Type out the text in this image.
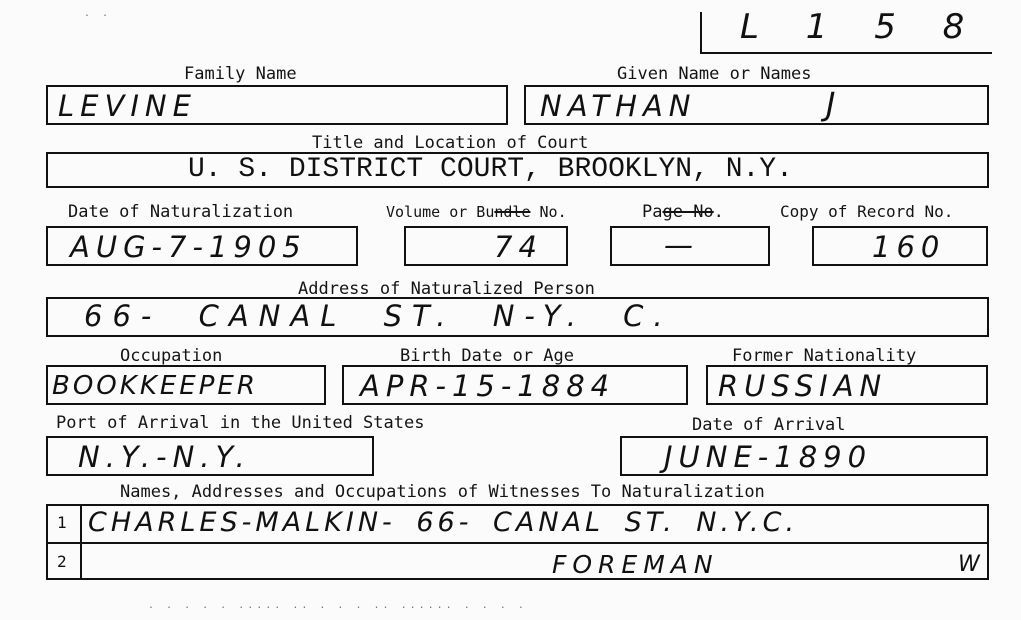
L 1 5 8
Family Name	Given Name or Names
LEVINE	NATHAN	J
Title and Location of Court
U. S. DISTRICT COURT, BROOKLYN, N.Y.
Date of Naturalization	Volume or Bundle No.	Page No.	Copy of Record No.
AUG-7-1905	74	—	160
Address of Naturalized Person
66- CANAL ST. N-Y. C.
Occupation	Birth Date or Age	Former Nationality
BOOKKEEPER	APR-15-1884	RUSSIAN
Port of Arrival in the United States	Date of Arrival
N.Y.-N.Y.	JUNE-1890
Names, Addresses and Occupations of Witnesses To Naturalization
1 CHARLES-MALKIN- 66- CANAL ST. N.Y.C.
2	FOREMAN	W
. . . . . ..... .. . . . .. ...... . . . .
. .
